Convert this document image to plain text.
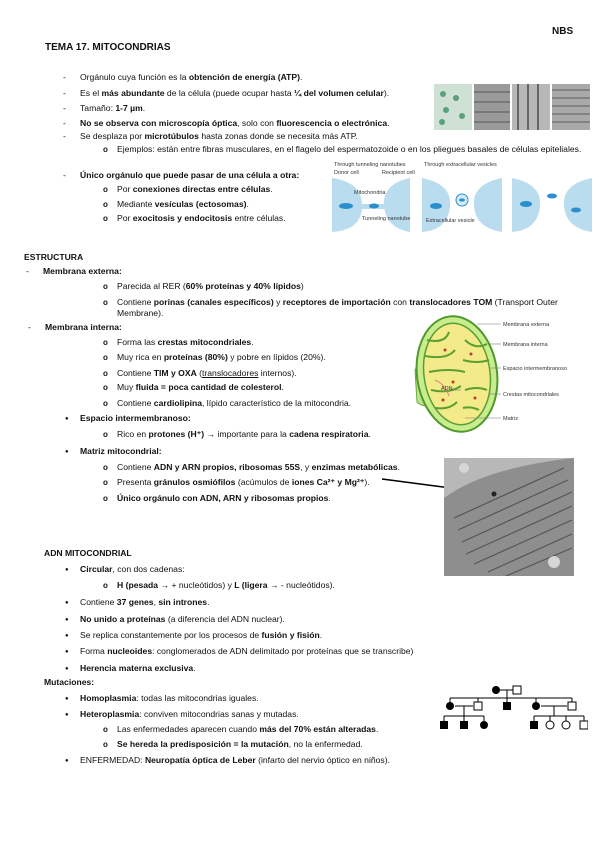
NBS
TEMA 17. MITOCONDRIAS
- Orgánulo cuya función es la obtención de energía (ATP).
- Es el más abundante de la célula (puede ocupar hasta ¼ del volumen celular).
- Tamaño: 1-7 µm.
- No se observa con microscopía óptica, solo con fluorescencia o electrónica.
- Se desplaza por microtúbulos hasta zonas donde se necesita más ATP.
o Ejemplos: están entre fibras musculares, en el flagelo del espermatozoide o en los pliegues basales de células epiteliales.
- Único orgánulo que puede pasar de una célula a otra:
o Por conexiones directas entre células.
o Mediante vesículas (ectosomas).
o Por exocitosis y endocitosis entre células.
Through tunneling nanotubes	Through extracellular vesicles
Donor cell	Recipient cell
Mitochondria
Tunneling nanotube	Extracellular vesicle
ESTRUCTURA
- Membrana externa:
o Parecida al RER (60% proteínas y 40% lípidos)
o Contiene porinas (canales específicos) y receptores de importación con translocadores TOM (Transport Outer Membrane).
- Membrana interna:
o Forma las crestas mitocondriales.
o Muy rica en proteínas (80%) y pobre en lípidos (20%).
o Contiene TIM y OXA (translocadores internos).
o Muy fluida = poca cantidad de colesterol.
o Contiene cardiolipina, lípido característico de la mitocondria.
● Espacio intermembranoso:
o Rico en protones (H⁺) → importante para la cadena respiratoria.
● Matriz mitocondrial:
o Contiene ADN y ARN propios, ribosomas 55S, y enzimas metabólicas.
o Presenta gránulos osmiófilos (acúmulos de iones Ca²⁺ y Mg²⁺).
o Único orgánulo con ADN, ARN y ribosomas propios.
ADN
Membrana externa
Membrana interna
Espacio intermembranoso
Crestas mitocondriales
Matriz
ADN MITOCONDRIAL
● Circular, con dos cadenas:
o H (pesada → + nucleótidos) y L (ligera → - nucleótidos).
● Contiene 37 genes, sin intrones.
● No unido a proteínas (a diferencia del ADN nuclear).
● Se replica constantemente por los procesos de fusión y fisión.
● Forma nucleoides: conglomerados de ADN delimitado por proteínas que se transcribe)
● Herencia materna exclusiva.
Mutaciones:
● Homoplasmia: todas las mitocondrias iguales.
● Heteroplasmia: conviven mitocondrias sanas y mutadas.
o Las enfermedades aparecen cuando más del 70% están alteradas.
o Se hereda la predisposición = la mutación, no la enfermedad.
● ENFERMEDAD: Neuropatía óptica de Leber (infarto del nervio óptico en niños).
